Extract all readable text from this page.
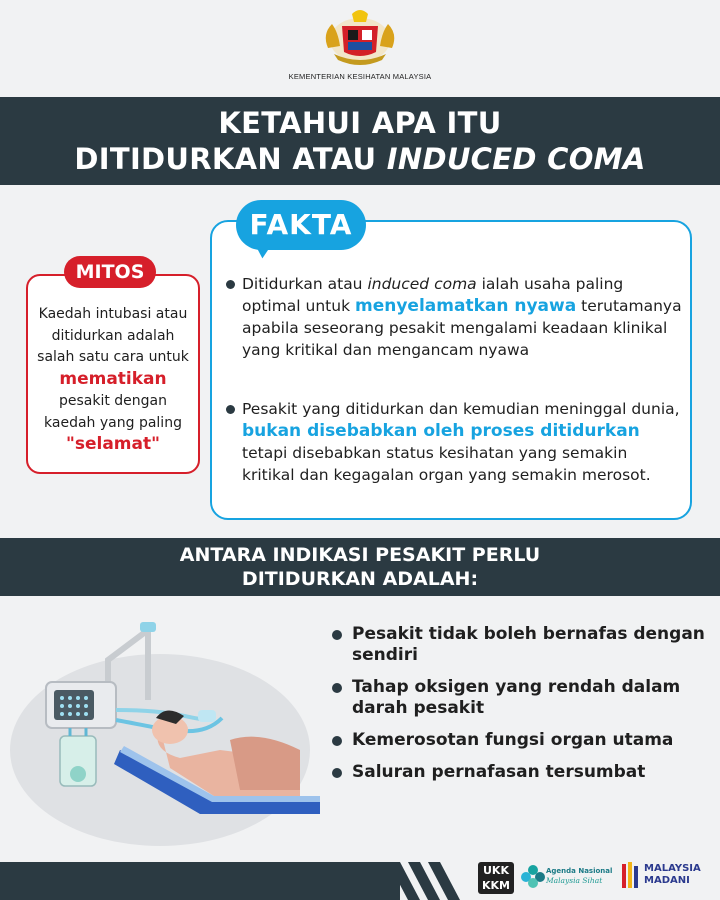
KEMENTERIAN KESIHATAN MALAYSIA
KETAHUI APA ITU
DITIDURKAN ATAU INDUCED COMA
MITOS
Kaedah intubasi atau ditidurkan adalah salah satu cara untuk
mematikan
pesakit dengan kaedah yang paling "selamat"
FAKTA
Ditidurkan atau induced coma ialah usaha paling optimal untuk menyelamatkan nyawa terutamanya apabila seseorang pesakit mengalami keadaan klinikal yang kritikal dan mengancam nyawa
Pesakit yang ditidurkan dan kemudian meninggal dunia, bukan disebabkan oleh proses ditidurkan tetapi disebabkan status kesihatan yang semakin kritikal dan kegagalan organ yang semakin merosot.
ANTARA INDIKASI PESAKIT PERLU
DITIDURKAN ADALAH:
Pesakit tidak boleh bernafas dengan sendiri
Tahap oksigen yang rendah dalam darah pesakit
Kemerosotan fungsi organ utama
Saluran pernafasan tersumbat
UKK
KKM
Agenda Nasional
Malaysia Sihat
MALAYSIA
MADANI
